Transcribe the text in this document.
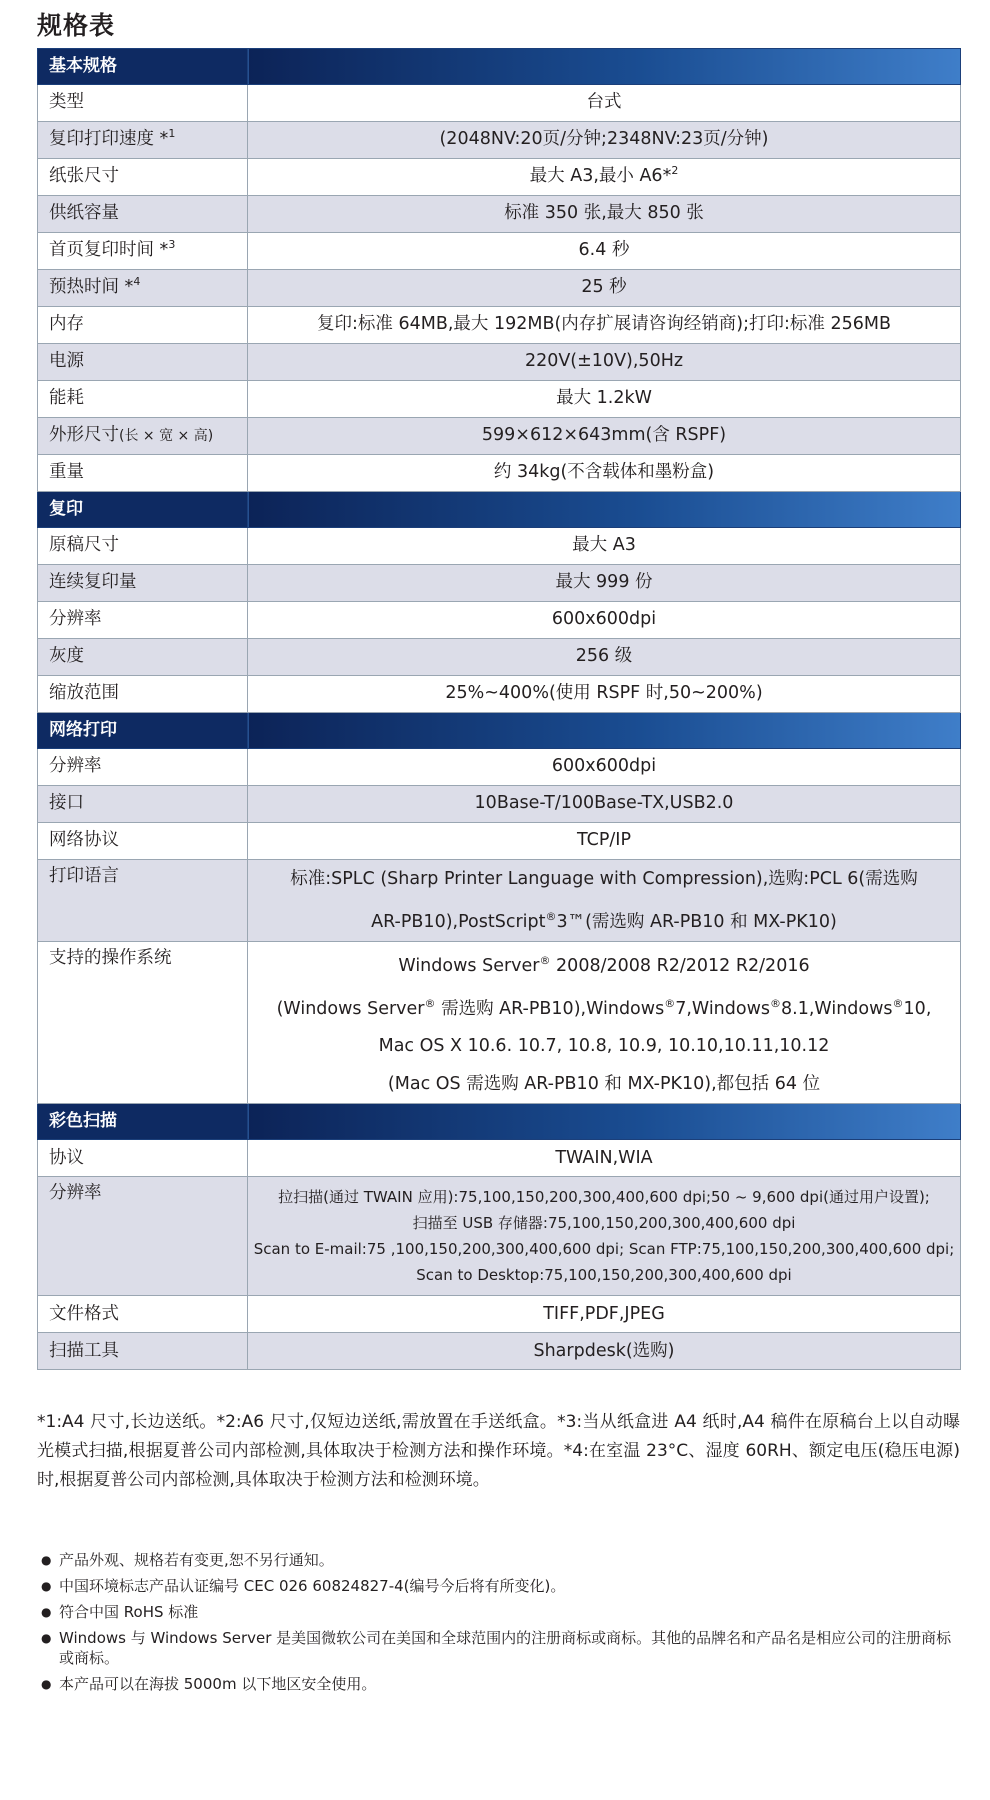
规格表
基本规格	
类型	台式
复印打印速度 *$^1$	(2048NV:20页/分钟;2348NV:23页/分钟)
纸张尺寸	最大 A3,最小 A6*$^2$
供纸容量	标准 350 张,最大 850 张
首页复印时间 *$^3$	6.4 秒
预热时间 *$^4$	25 秒
内存	复印:标准 64MB,最大 192MB(内存扩展请咨询经销商);打印:标准 256MB
电源	220V(±10V),50Hz
能耗	最大 1.2kW
外形尺寸(长 × 宽 × 高)	599×612×643mm(含 RSPF)
重量	约 34kg(不含载体和墨粉盒)
复印	
原稿尺寸	最大 A3
连续复印量	最大 999 份
分辨率	600x600dpi
灰度	256 级
缩放范围	25%~400%(使用 RSPF 时,50~200%)
网络打印	
分辨率	600x600dpi
接口	10Base-T/100Base-TX,USB2.0
网络协议	TCP/IP
打印语言	标准:SPLC (Sharp Printer Language with Compression),选购:PCL 6(需选购
AR-PB10),PostScript®3™(需选购 AR-PB10 和 MX-PK10)

支持的操作系统	Windows Server® 2008/2008 R2/2012 R2/2016
(Windows Server® 需选购 AR-PB10),Windows®7,Windows®8.1,Windows®10,
Mac OS X 10.6. 10.7, 10.8, 10.9, 10.10,10.11,10.12
(Mac OS 需选购 AR-PB10 和 MX-PK10),都包括 64 位

彩色扫描	
协议	TWAIN,WIA
分辨率	拉扫描(通过 TWAIN 应用):75,100,150,200,300,400,600 dpi;50 ~ 9,600 dpi(通过用户设置);
扫描至 USB 存储器:75,100,150,200,300,400,600 dpi
Scan to E-mail:75 ,100,150,200,300,400,600 dpi; Scan FTP:75,100,150,200,300,400,600 dpi;
Scan to Desktop:75,100,150,200,300,400,600 dpi

文件格式	TIFF,PDF,JPEG
扫描工具	Sharpdesk(选购)
*1:A4 尺寸,长边送纸。*2:A6 尺寸,仅短边送纸,需放置在手送纸盒。*3:当从纸盒进 A4 纸时,A4 稿件在原稿台上以自动曝光模式扫描,根据夏普公司内部检测,具体取决于检测方法和操作环境。*4:在室温 23°C、湿度 60RH、额定电压(稳压电源)时,根据夏普公司内部检测,具体取决于检测方法和检测环境。
● 产品外观、规格若有变更,恕不另行通知。
● 中国环境标志产品认证编号 CEC 026 60824827-4(编号今后将有所变化)。
● 符合中国 RoHS 标准
● Windows 与 Windows Server 是美国微软公司在美国和全球范围内的注册商标或商标。其他的品牌名和产品名是相应公司的注册商标或商标。
● 本产品可以在海拔 5000m 以下地区安全使用。
